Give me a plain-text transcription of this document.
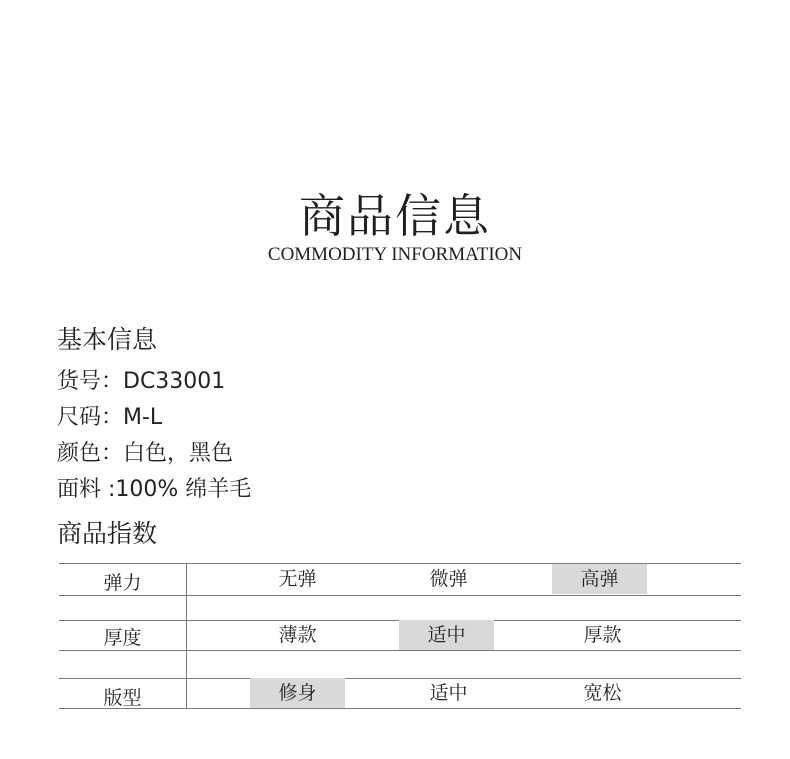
商品信息
COMMODITY INFORMATION
基本信息
货号：DC33001
尺码：M-L
颜色：白色，黑色
面料 :100% 绵羊毛
商品指数
弹力	无弹	微弹	高弹
厚度	薄款	适中	厚款
版型	修身	适中	宽松
